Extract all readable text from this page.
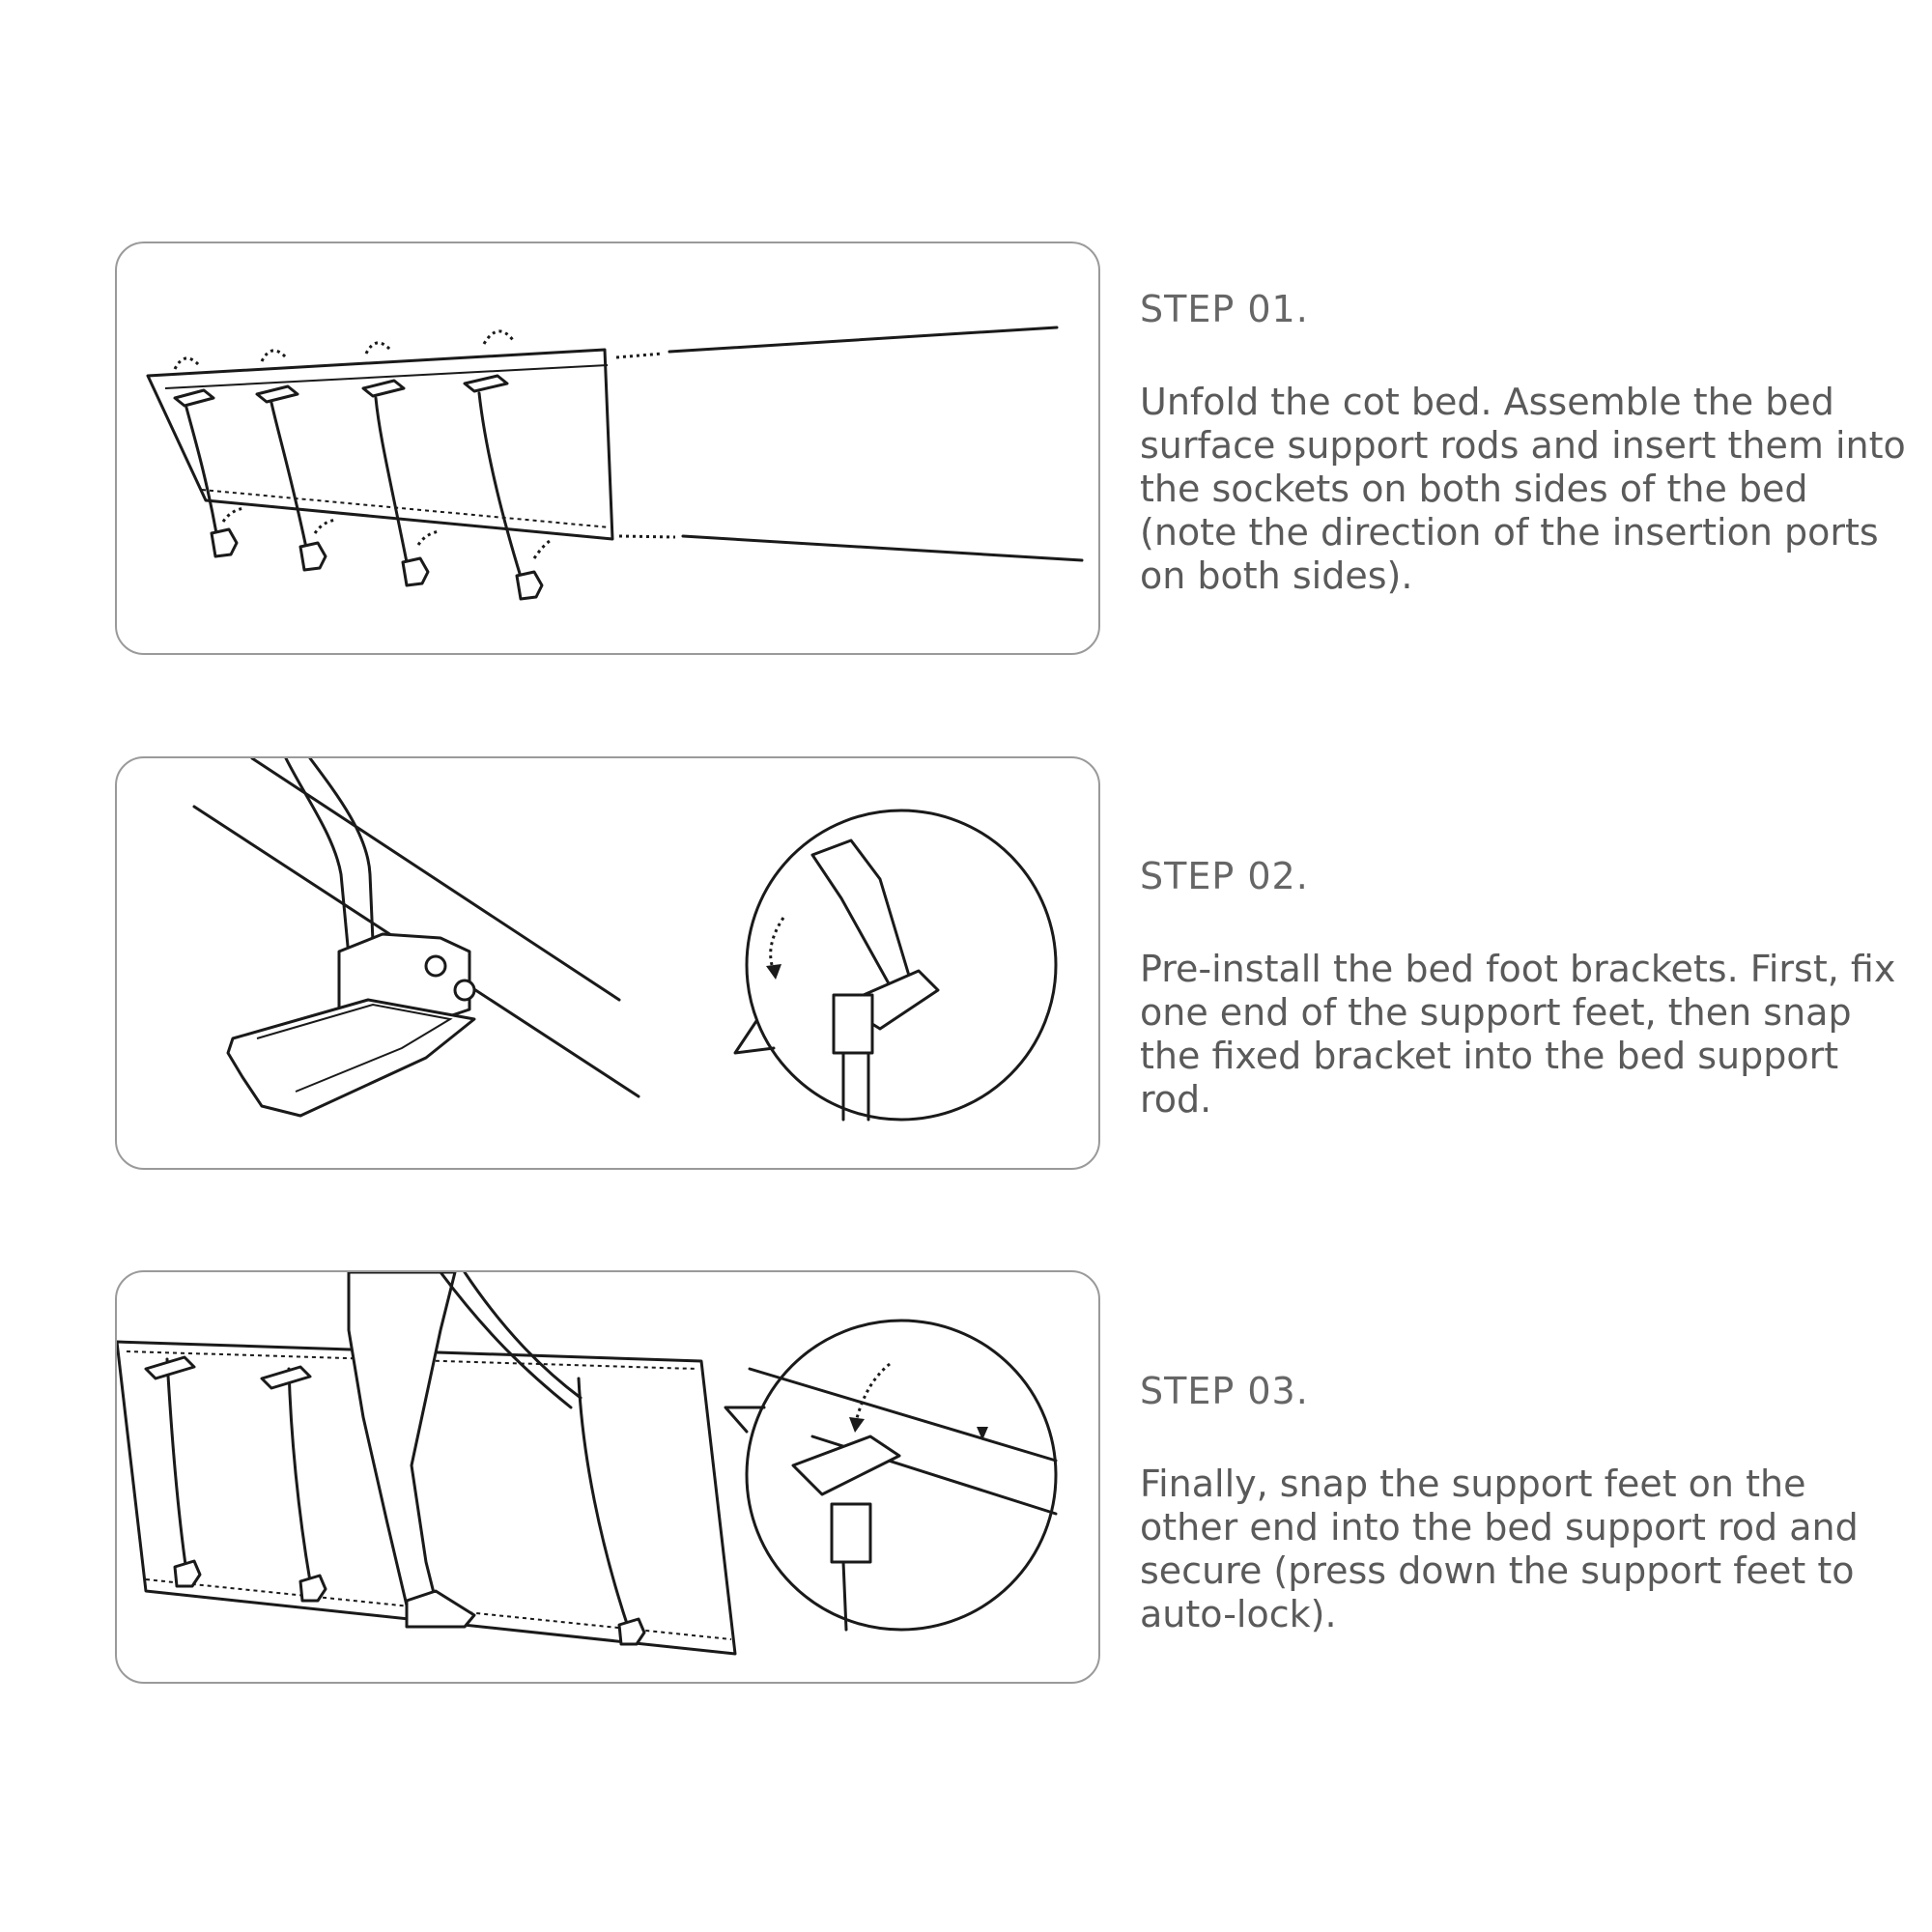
STEP 01.

Unfold the cot bed. Assemble the bed surface support rods and insert them into the sockets on both sides of the bed (note the direction of the insertion ports on both sides).

STEP 02.

Pre-install the bed foot brackets. First, fix one end of the support feet, then snap the fixed bracket into the bed support rod.

STEP 03.

Finally, snap the support feet on the other end into the bed support rod and secure (press down the support feet to auto-lock).
